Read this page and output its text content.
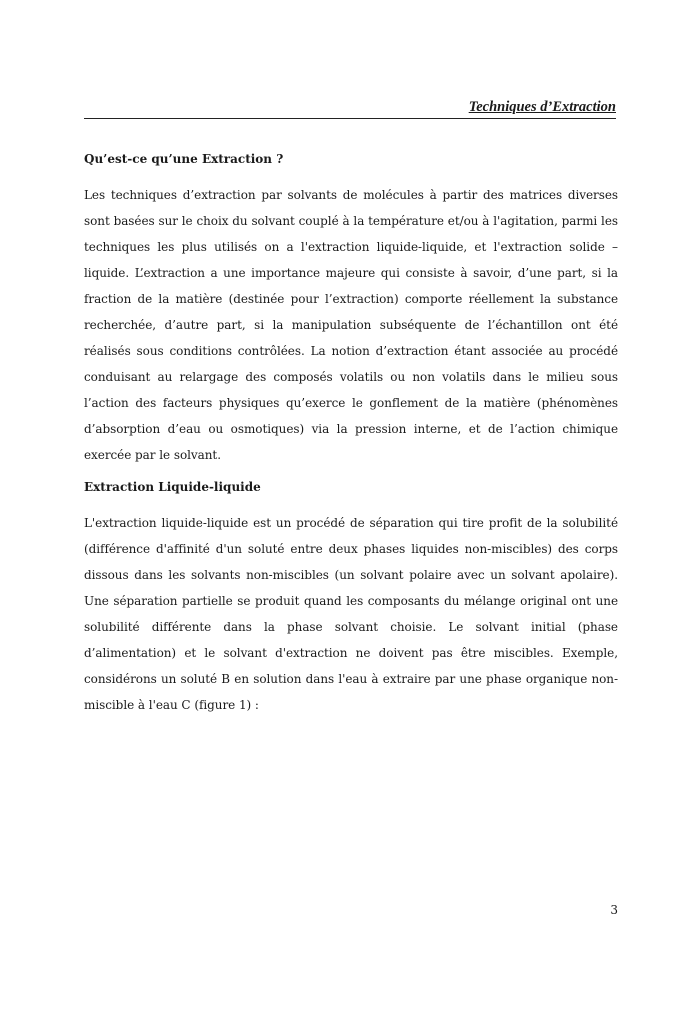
Techniques d’Extraction
Qu’est-ce qu’une Extraction ?

Les techniques d’extraction par solvants de molécules à partir des matrices diverses sont basées sur le choix du solvant couplé à la température et/ou à l'agitation, parmi les techniques les plus utilisés on a l'extraction liquide-liquide, et l'extraction solide –liquide. L’extraction a une importance majeure qui consiste à savoir, d’une part, si la fraction de la matière (destinée pour l’extraction) comporte réellement la substance recherchée, d’autre part, si la manipulation subséquente de l’échantillon ont été réalisés sous conditions contrôlées. La notion d’extraction étant associée au procédé conduisant au relargage des composés volatils ou non volatils dans le milieu sous l’action des facteurs physiques qu’exerce le gonflement de la matière (phénomènes d’absorption d’eau ou osmotiques) via la pression interne, et de l’action chimique exercée par le solvant.

Extraction Liquide-liquide

L'extraction liquide-liquide est un procédé de séparation qui tire profit de la solubilité (différence d'affinité d'un soluté entre deux phases liquides non-miscibles) des corps dissous dans les solvants non-miscibles (un solvant polaire avec un solvant apolaire). Une séparation partielle se produit quand les composants du mélange original ont une solubilité différente dans la phase solvant choisie. Le solvant initial (phase d’alimentation) et le solvant d'extraction ne doivent pas être miscibles. Exemple, considérons un soluté B en solution dans l'eau à extraire par une phase organique non-miscible à l'eau C (figure 1) :

3
